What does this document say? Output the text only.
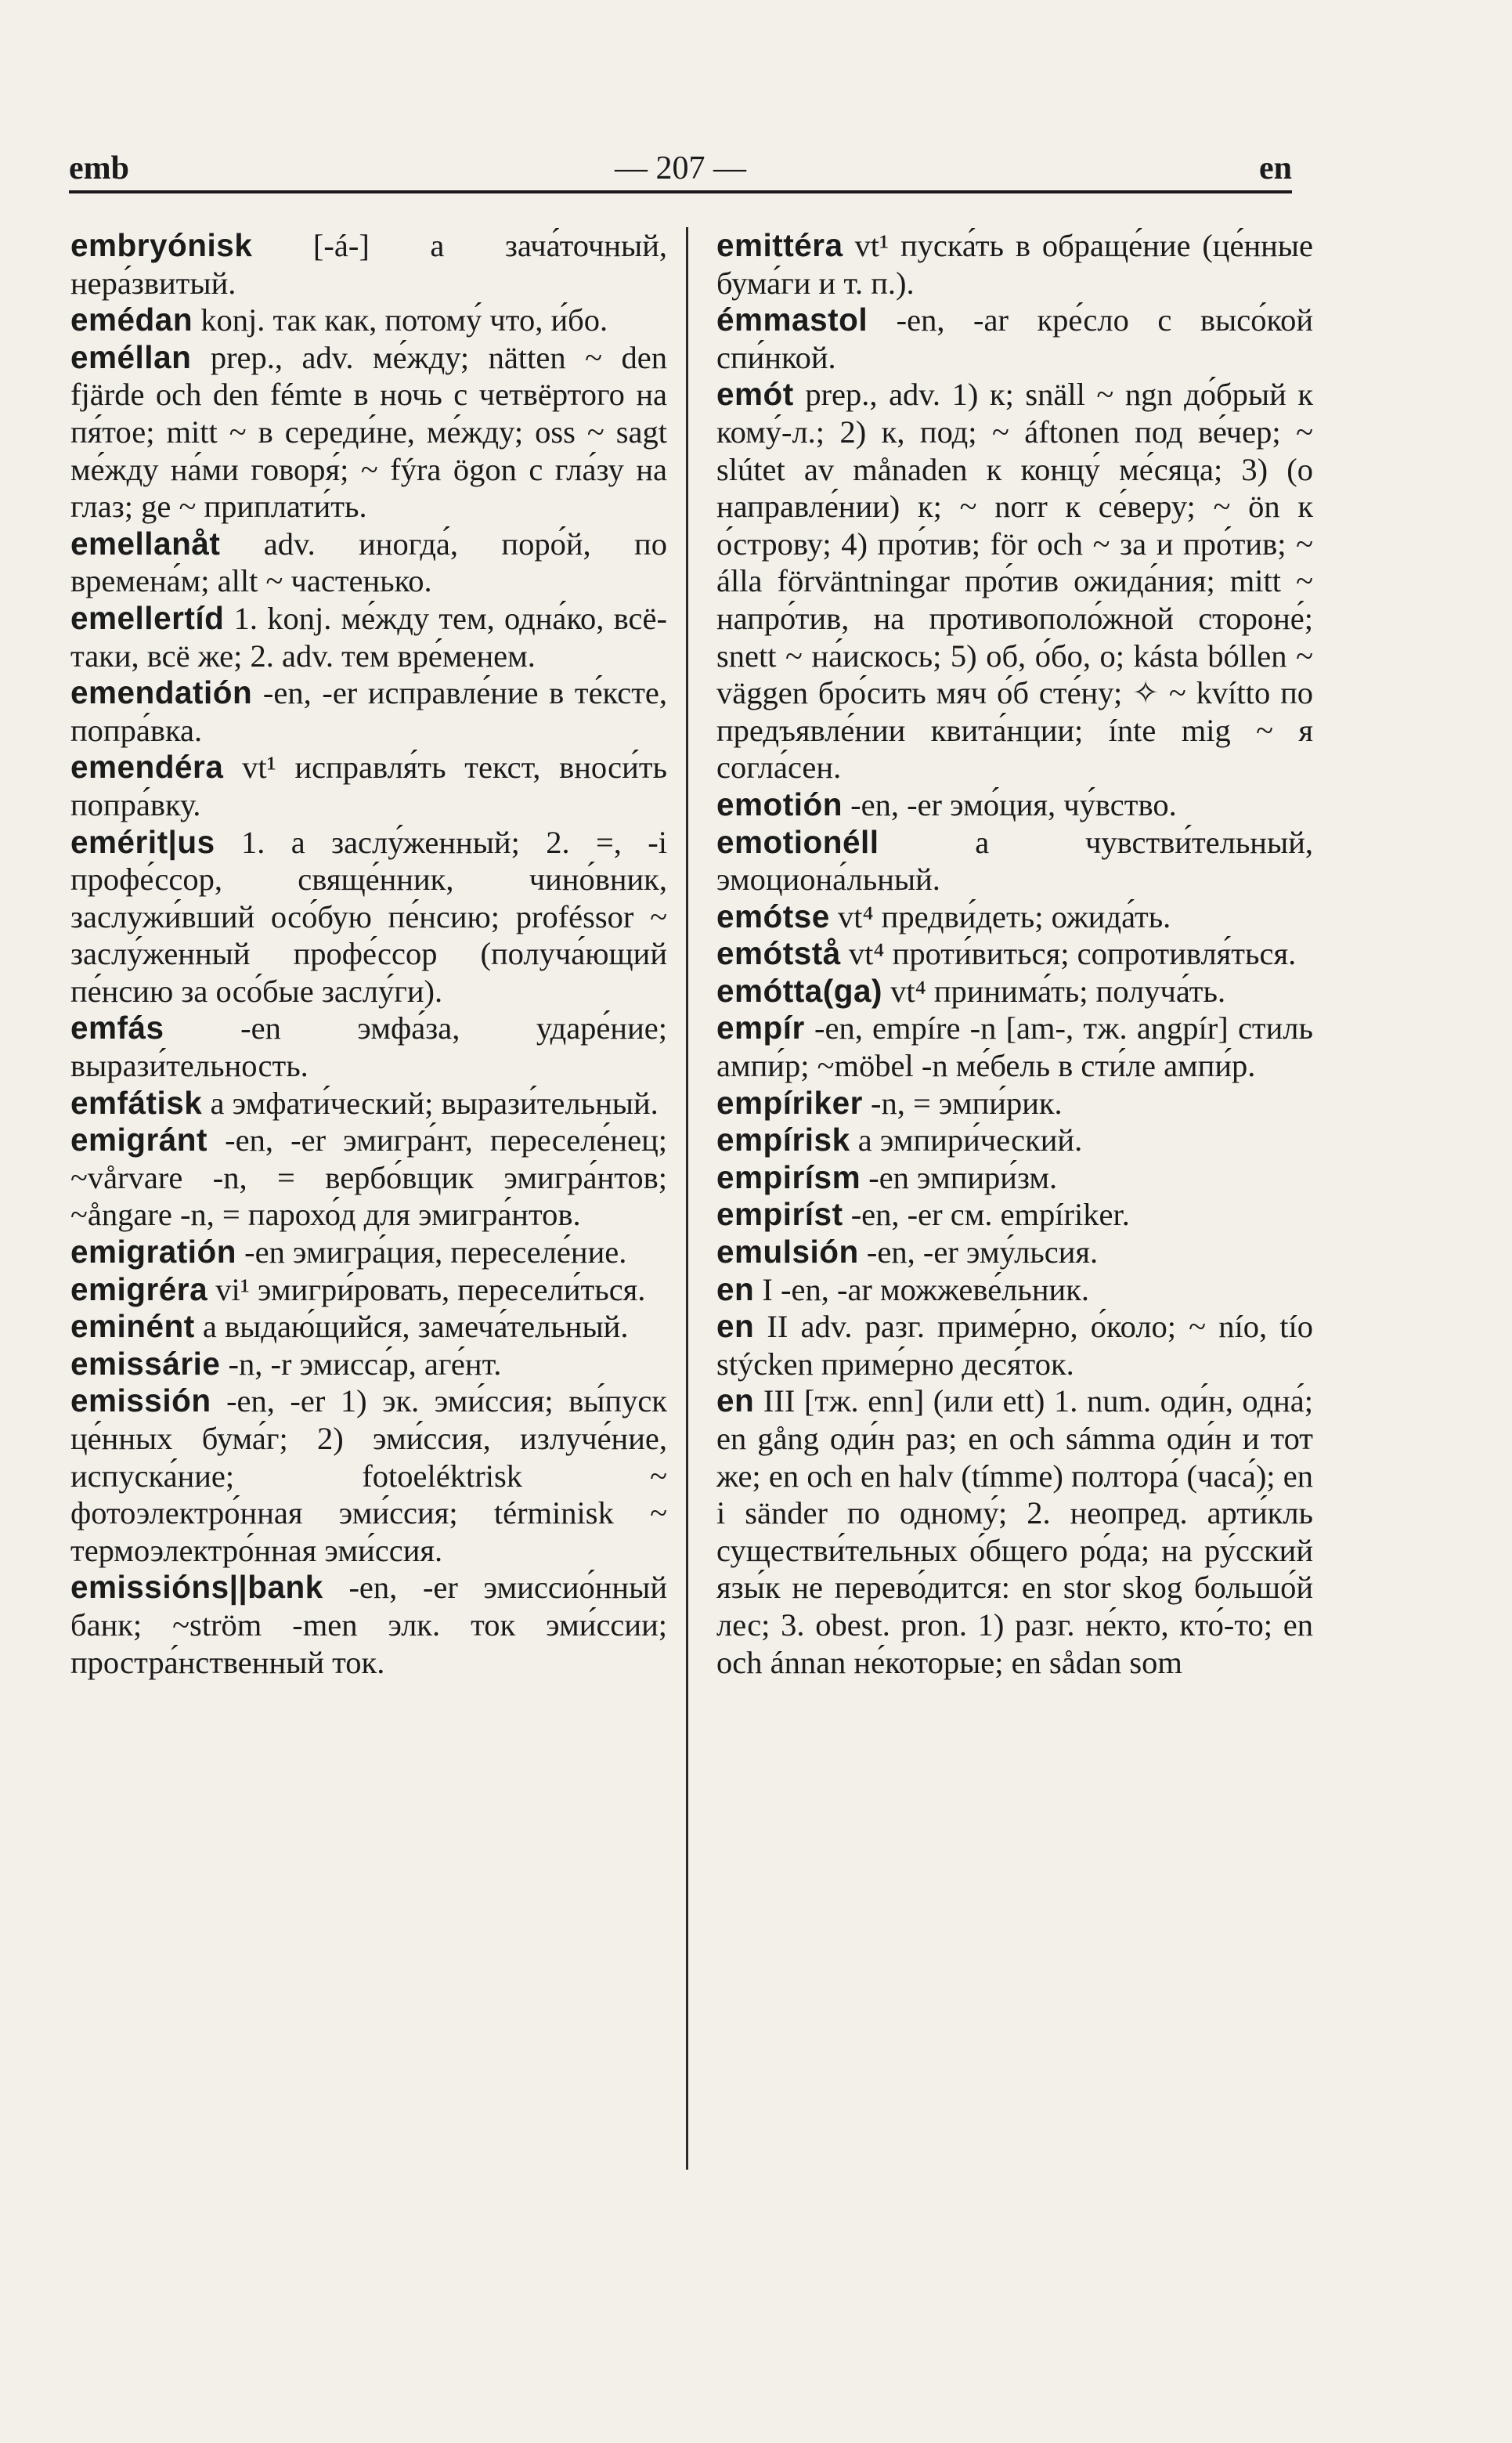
emb	— 207 —	en

embryónisk [-á-] a зача́точный, нера́звитый.

emédan konj. так как, потому́ что, и́бо.

eméllan prep., adv. ме́жду; nätten ~ den fjärde och den fémte в ночь с четвёртого на пя́тое; mitt ~ в середи́не, ме́жду; oss ~ sagt ме́жду на́ми говоря́; ~ fýra ögon с гла́зу на глаз; ge ~ приплати́ть.

emellanåt adv. иногда́, поро́й, по времена́м; allt ~ частенько.

emellertíd 1. konj. ме́жду тем, одна́ко, всё-таки, всё же; 2. adv. тем вре́менем.

emendatión -en, -er исправле́ние в те́ксте, попра́вка.

emendéra vt¹ исправля́ть текст, вноси́ть попра́вку.

emérit|us 1. a заслу́женный; 2. =, -i профе́ссор, свяще́нник, чино́вник, заслужи́вший осо́бую пе́нсию; proféssor ~ заслу́женный профе́ссор (получа́ющий пе́нсию за осо́бые заслу́ги).

emfás -en эмфа́за, ударе́ние; вырази́тельность.

emfátisk a эмфати́ческий; вырази́тельный.

emigránt -en, -er эмигра́нт, переселе́нец; ~vårvare -n, = вербо́вщик эмигра́нтов; ~ångare -n, = парохо́д для эмигра́нтов.

emigratión -en эмигра́ция, переселе́ние.

emigréra vi¹ эмигри́ровать, пересели́ться.

eminént a выдаю́щийся, замеча́тельный.

emissárie -n, -r эмисса́р, аге́нт.

emissión -en, -er 1) эк. эми́ссия; вы́пуск це́нных бума́г; 2) эми́ссия, излуче́ние, испуска́ние; fotoeléktrisk ~ фотоэлектро́нная эми́ссия; términisk ~ термоэлектро́нная эми́ссия.

emissións||bank -en, -er эмиссио́нный банк; ~ström -men элк. ток эми́ссии; простра́нственный ток.

emittéra vt¹ пуска́ть в обраще́ние (це́нные бума́ги и т. п.).

émmastol -en, -ar кре́сло с высо́кой спи́нкой.

emót prep., adv. 1) к; snäll ~ ngn до́брый к кому́-л.; 2) к, под; ~ áftonen под ве́чер; ~ slútet av månaden к концу́ ме́сяца; 3) (о направле́нии) к; ~ norr к се́веру; ~ ön к о́строву; 4) про́тив; för och ~ за и про́тив; ~ álla förväntningar про́тив ожида́ния; mitt ~ напро́тив, на противополо́жной стороне́; snett ~ на́искось; 5) об, о́бо, о; kásta bóllen ~ väggen бро́сить мяч о́б сте́ну; ✧ ~ kvítto по предъявле́нии квита́нции; ínte mig ~ я согла́сен.

emotión -en, -er эмо́ция, чу́вство.

emotionéll a чувстви́тельный, эмоциона́льный.

emótse vt⁴ предви́деть; ожида́ть.

emótstå vt⁴ проти́виться; сопротивля́ться.

emóttа(ga) vt⁴ принима́ть; получа́ть.

empír -en, empíre -n [am-, тж. angpír] стиль ампи́р; ~möbel -n ме́бель в сти́ле ампи́р.

empíriker -n, = эмпи́рик.

empírisk a эмпири́ческий.

empirísm -en эмпири́зм.

empiríst -en, -er см. empíriker.

emulsión -en, -er эму́льсия.

en I -en, -ar можжеве́льник.

en II adv. разг. приме́рно, о́коло; ~ nío, tío stýcken приме́рно деся́ток.

en III [тж. enn] (или ett) 1. num. оди́н, одна́; en gång оди́н раз; en och sámma оди́н и тот же; en och en halv (tímme) полтора́ (часа́); en i sänder по одному́; 2. неопред. арти́кль существи́тельных о́бщего ро́да; на ру́сский язы́к не перево́дится: en stor skog большо́й лес; 3. obest. pron. 1) разг. не́кто, кто́-то; en och ánnan не́которые; en sådan som
